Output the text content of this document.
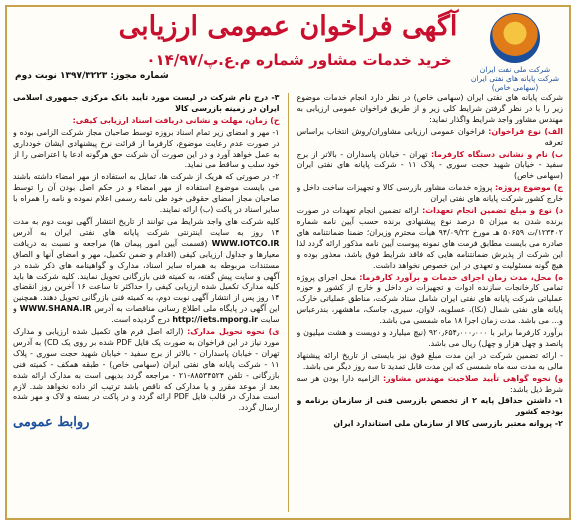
شرکت ملی نفت ایران
شرکت پایانه های نفتی ایران
(سهامی خاص)
آگهی فراخوان عمومی ارزیابی
خرید خدمات مشاور شماره م.ع.پ/۰۱۴/۹۷
شماره مجوز: ۱۳۹۷/۳۲۲۳ نوبت دوم

شرکت پایانه های نفتی ایران (سهامی خاص) در نظر دارد انجام خدمات موضوع زیر را با در نظر گرفتن شرایط کلی زیر و از طریق فراخوان عمومی ارزیابی به مهندس مشاور واجد شرایط واگذار نماید:

الف) نوع فراخوان: فراخوان عمومی ارزیابی مشاوران/روش انتخاب براساس تعرفه

ب) نام و نشانی دستگاه کارفرما: تهران - خیابان پاسداران - بالاتر از برج سفید - خیابان شهید حجت سوری - پلاک ۱۱ - شرکت پایانه های نفتی ایران (سهامی خاص)

ج) موضوع پروژه: پروژه خدمات مشاور بازرسی کالا و تجهیزات ساخت داخل و خارج کشور شرکت پایانه های نفتی ایران

د) نوع و مبلغ تضمین انجام تعهدات: ارائه تضمین انجام تعهدات در صورت برنده شدن به میزان ۵ درصد نوع پیشنهادی برنده حسب آیین نامه شماره ۱۲۳۴۰۲/ت ۵۰۶۵۹ هـ مورخ ۹۴/۰۹/۲۲ هیأت محترم وزیران؛ ضمنا ضمانتنامه های صادره می بایست مطابق فرمت های نمونه پیوست آیین نامه مذکور ارائه گردد لذا این شرکت از پذیرش ضمانتنامه هایی که فاقد شرایط فوق باشد، معذور بوده و هیچ گونه مسئولیت و تعهدی در این خصوص نخواهد داشت.

ه) محل، مدت زمان اجرای خدمات و برآورد کارفرما: محل اجرای پروژه تمامی کارخانجات سازنده ادوات و تجهیزات در داخل و خارج از کشور و حوزه عملیاتی شرکت پایانه های نفتی ایران شامل ستاد شرکت، مناطق عملیاتی خارک، پایانه های نفتی شمال (نکا)، عسلویه، لاوان، سیری، جاسک، ماهشهر، بندرعباس و... می باشد. مدت زمان اجرا ۱۸ ماه شمسی می باشد.

برآورد کارفرما برابر با ۹۲۰٫۶۵۴٫۰۰۰٫۰۰۰ (نیچ میلیارد و دویست و هشت میلیون و پانصد و چهل هزار و چهل) ریال می باشد.

- ارائه تضمین شرکت در این مدت مبلغ فوق نیز بایستی از تاریخ ارائه پیشنهاد مالی به مدت سه ماه شمسی که این مدت قابل تمدید تا سه روز دیگر می باشد.

و) نحوه گواهی تأیید صلاحیت مهندس مشاور: الزامیه دارا بودن هر سه شرط ذیل باشد:

۱- داشتن حداقل پایه ۲ از تخصص بازرسی فنی از سازمان برنامه و بودجه کشور

۲- پروانه معتبر بازرسی کالا از سازمان ملی استاندارد ایران

۳- درج نام شرکت در لیست مورد تأیید بانک مرکزی جمهوری اسلامی ایران در زمینه بازرسی کالا

ح) زمان، مهلت و نشانی دریافت اسناد ارزیابی کیفی:

۱- مهر و امضای زیر تمام اسناد بروزه توسط صاحبان مجاز شرکت الزامی بوده و در صورت عدم رعایت موضوع، کارفرما از قرائت نرخ پیشنهادی ایشان خودداری به عمل خواهد آورد و در این صورت آن شرکت حق هرگونه ادعا یا اعتراضی را از خود سلب و ساقط می نماید.

۲- در صورتی که هریک از شرکت ها، تمایل به استفاده از مهر امضاء داشته باشند می بایست موضوع استفاده از مهر امضاء و در حکم اصل بودن آن را توسط صاحبان مجاز امضای حقوقی خود طی نامه رسمی اعلام نموده و نامه را همراه با سایر اسناد در پاکت (ب) ارائه نمایند.

کلیه شرکت های واجد شرایط می توانند از تاریخ انتشار آگهی نوبت دوم به مدت ۱۴ روز به سایت اینترنتی شرکت پایانه های نفتی ایران به آدرس WWW.IOTCO.IR (قسمت آیین امور پیمان ها) مراجعه و نسبت به دریافت معیارها و جداول ارزیابی کیفی (اقدام و ضمن تکمیل، مهر و امضای آنها و الصاق مستندات مربوطه به همراه سایر اسناد، مدارک و گواهینامه های ذکر شده در آگهی و سایت پیش گفته، به کمیته فنی بازرگانی تحویل نمایند. کلیه شرکت ها باید کلیه مدارک تکمیل شده ارزیابی کیفی را حداکثر تا ساعت ۱۶ آخرین روز انقضای ۱۴ روز پس از انتشار آگهی نوبت دوم، به کمیته فنی بازرگانی تحویل دهند. همچنین این آگهی در پایگاه ملی اطلاع رسانی مناقصات به آدرس WWW.SHANA.IR و سایت http://iets.mporg.ir درج گردیده است.

ی) نحوه تحویل مدارک: (ارائه اصل فرم های تکمیل شده ارزیابی و مدارک مورد نیاز در این فراخوان به صورت یک فایل PDF شده بر روی یک CD) به آدرس تهران - خیابان پاسداران - بالاتر از برج سفید - خیابان شهید حجت سوری - پلاک ۱۱ - شرکت پایانه های نفتی ایران (سهامی خاص) - طبقه همکف - کمیته فنی بازرگانی - تلفن ۸۸۵۳۴۵۲۴-۲۱ - مراجعه گردد بدیهی است به مدارک ارائه شده بعد از موعد مقرر و یا مدارکی که ناقص باشد ترتیب اثر داده نخواهد شد. لازم است مدارک در قالب فایل PDF ارائه گردد و در پاکت در بسته و لاک و مهر شده ارسال گردد.

روابط عمومی
